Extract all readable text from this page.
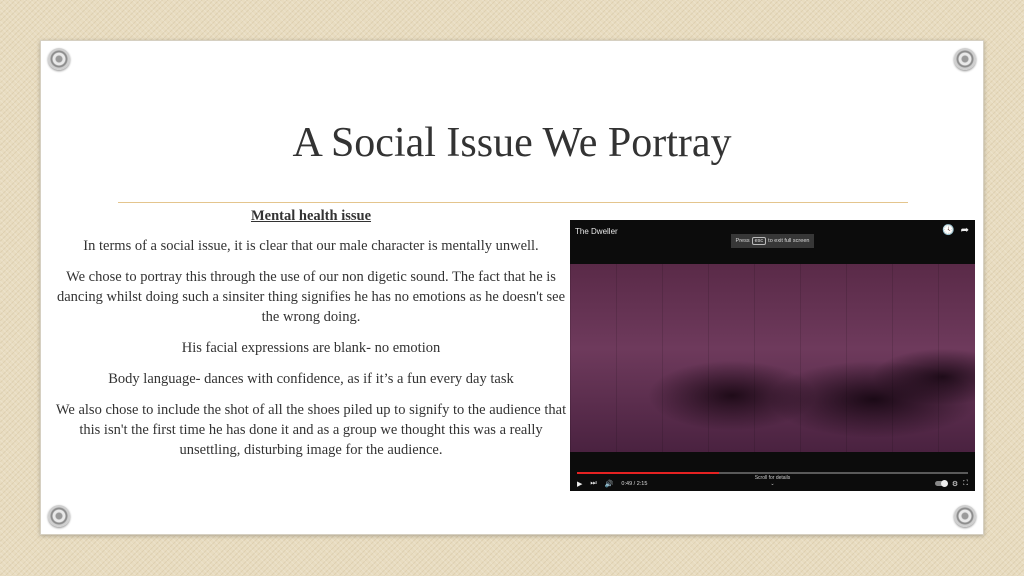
A Social Issue We Portray
Mental health issue

In terms of a social issue, it is clear that our male character is mentally unwell.

We chose to portray this through the use of our non digetic sound. The fact that he is dancing whilst doing such a sinsiter thing signifies he has no emotions as he doesn't see the wrong doing.

His facial expressions are blank- no emotion

Body language- dances with confidence, as if it’s a fun every day task

We also chose to include the shot of all the shoes piled up to signify to the audience that this isn't the first time he has done it and as a group we thought this was a really unsettling, disturbing image for the audience.

The Dweller	🕓 ➦
Press esc to exit full screen
Scroll for details
⌄
▶ ⏭ 🔊 0:49 / 2:15	⚙ ⛶
